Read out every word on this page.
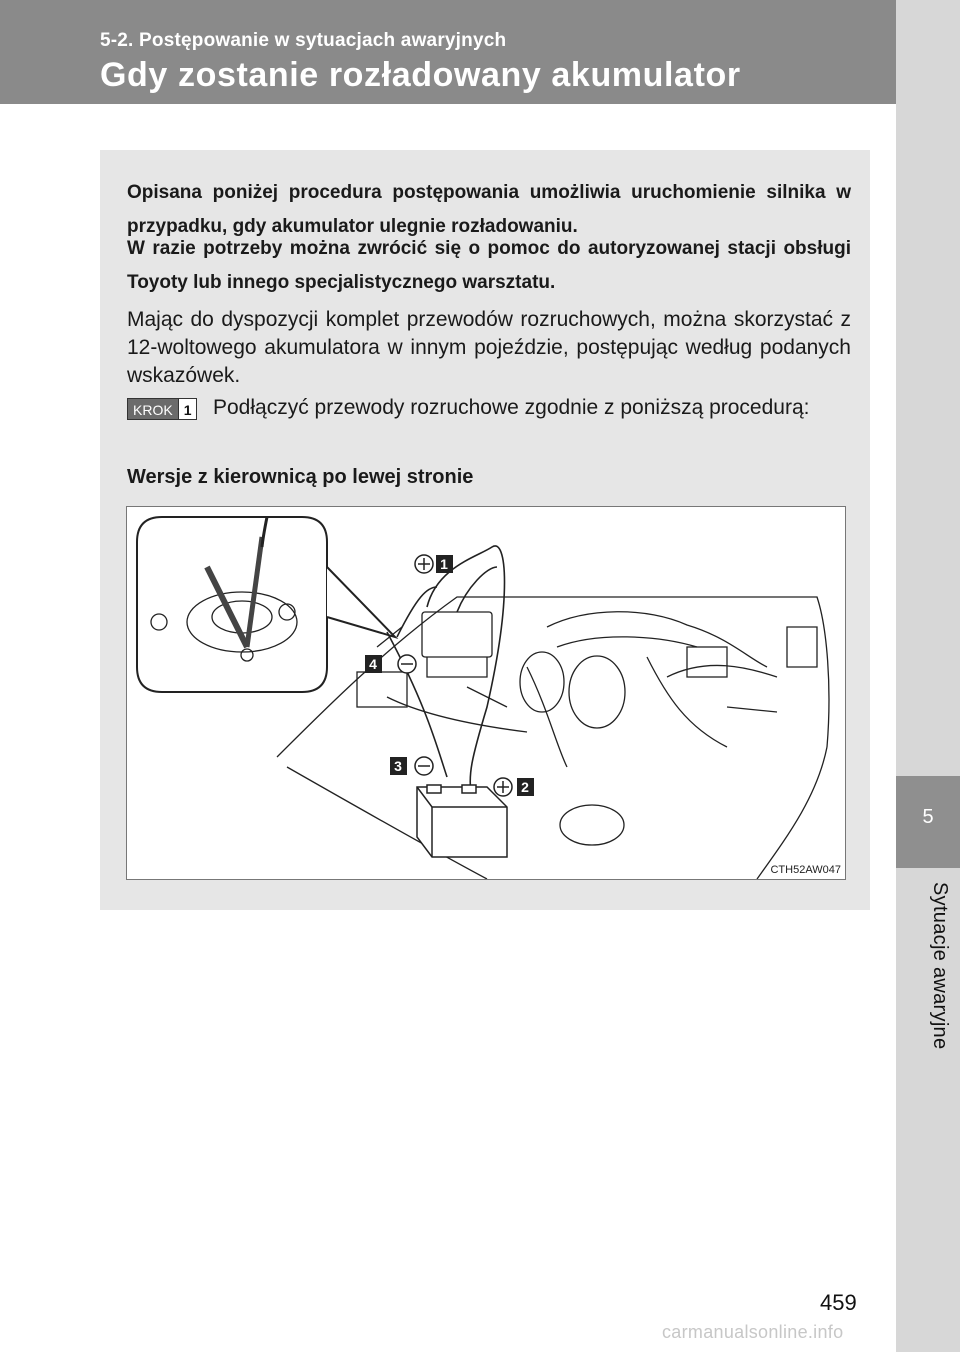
5-2. Postępowanie w sytuacjach awaryjnych
Gdy zostanie rozładowany akumulator
5
Sytuacje awaryjne
Opisana poniżej procedura postępowania umożliwia uruchomienie silnika w przypadku, gdy akumulator ulegnie rozładowaniu.
W razie potrzeby można zwrócić się o pomoc do autoryzowanej stacji obsługi Toyoty lub innego specjalistycznego warsztatu.
Mając do dyspozycji komplet przewodów rozruchowych, można skorzystać z 12-woltowego akumulatora w innym pojeździe, postępując według podanych wskazówek.
KROK 1 Podłączyć przewody rozruchowe zgodnie z poniższą procedurą:
Wersje z kierownicą po lewej stronie
1
4
3
2
CTH52AW047
459
carmanualsonline.info
